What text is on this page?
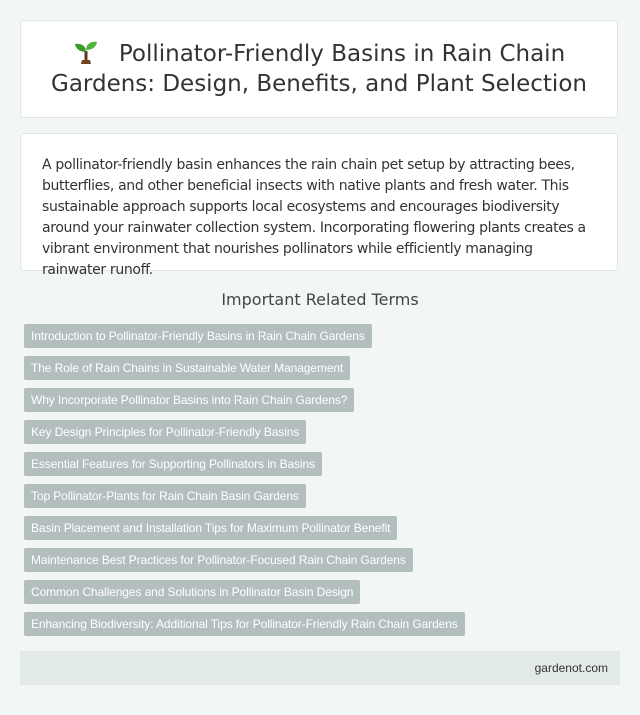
Pollinator-Friendly Basins in Rain Chain
Gardens: Design, Benefits, and Plant Selection

A pollinator-friendly basin enhances the rain chain pet setup by attracting bees, butterflies, and other beneficial insects with native plants and fresh water. This sustainable approach supports local ecosystems and encourages biodiversity around your rainwater collection system. Incorporating flowering plants creates a vibrant environment that nourishes pollinators while efficiently managing rainwater runoff.

Important Related Terms
Introduction to Pollinator-Friendly Basins in Rain Chain Gardens
The Role of Rain Chains in Sustainable Water Management
Why Incorporate Pollinator Basins into Rain Chain Gardens?
Key Design Principles for Pollinator-Friendly Basins
Essential Features for Supporting Pollinators in Basins
Top Pollinator-Plants for Rain Chain Basin Gardens
Basin Placement and Installation Tips for Maximum Pollinator Benefit
Maintenance Best Practices for Pollinator-Focused Rain Chain Gardens
Common Challenges and Solutions in Pollinator Basin Design
Enhancing Biodiversity: Additional Tips for Pollinator-Friendly Rain Chain Gardens
gardenot.com
